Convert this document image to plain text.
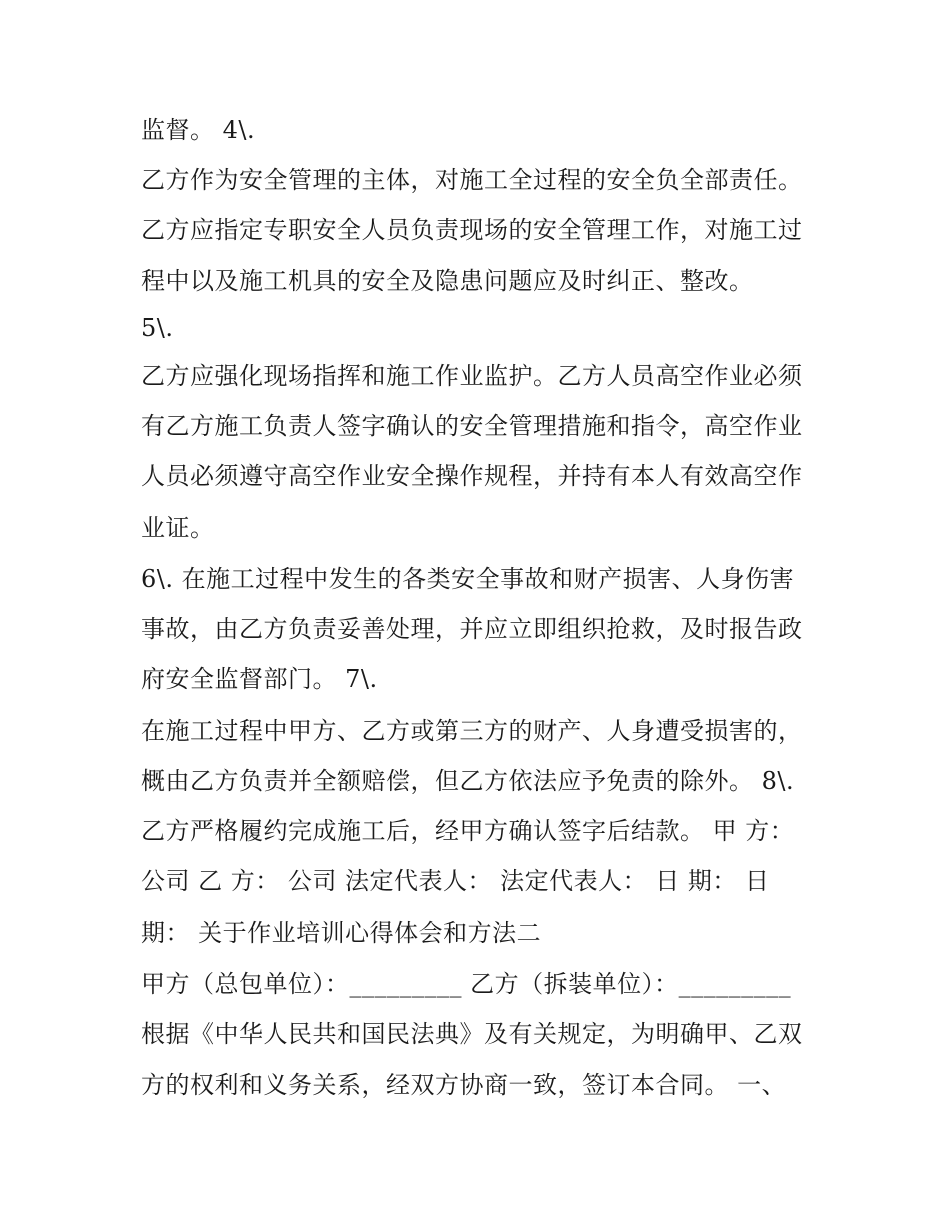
监督。 4\.
乙方作为安全管理的主体，对施工全过程的安全负全部责任。
乙方应指定专职安全人员负责现场的安全管理工作，对施工过
程中以及施工机具的安全及隐患问题应及时纠正、整改。
5\.
乙方应强化现场指挥和施工作业监护。乙方人员高空作业必须
有乙方施工负责人签字确认的安全管理措施和指令，高空作业
人员必须遵守高空作业安全操作规程，并持有本人有效高空作
业证。
6\. 在施工过程中发生的各类安全事故和财产损害、人身伤害
事故，由乙方负责妥善处理，并应立即组织抢救，及时报告政
府安全监督部门。 7\.
在施工过程中甲方、乙方或第三方的财产、人身遭受损害的，
概由乙方负责并全额赔偿，但乙方依法应予免责的除外。 8\.
乙方严格履约完成施工后，经甲方确认签字后结款。 甲 方：
公司 乙 方： 公司 法定代表人： 法定代表人： 日 期： 日
期： 关于作业培训心得体会和方法二
甲方（总包单位）：_________ 乙方（拆装单位）：_________
根据《中华人民共和国民法典》及有关规定，为明确甲、乙双
方的权利和义务关系，经双方协商一致，签订本合同。 一、
